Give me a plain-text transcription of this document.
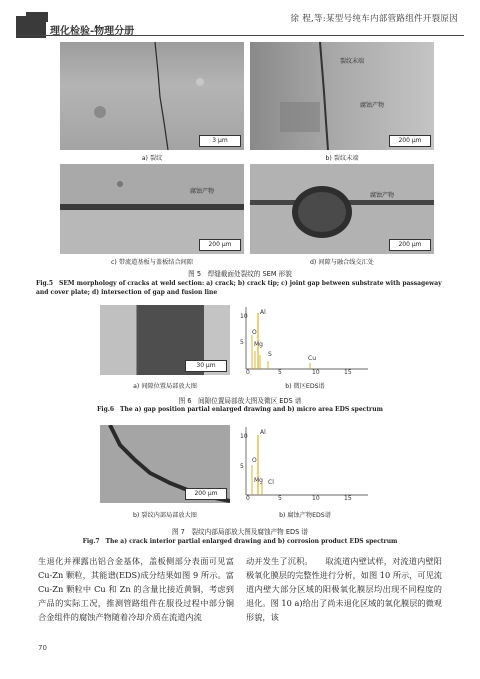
理化检验-物理分册
徐 程,等:某型号纯车内部管路组件开裂原因
3 μm
a) 裂纹
裂纹末端
腐蚀产物
200 μm
b) 裂纹末端
腐蚀产物
200 μm
c) 带流道基板与盖板结合间隙
腐蚀产物
200 μm
d) 间隙与融合线交汇处
图 5　焊缝截面处裂纹的 SEM 形貌
Fig.5　SEM morphology of cracks at weld section: a) crack; b) crack tip; c) joint gap between substrate with passageway and cover plate; d) intersection of gap and fusion line
30 μm
a) 间隙位置局部放大图
10
5
Al
O
Mg
S
Cu
0	5	10	15
b) 微区EDS谱
图 6　间隙位置局部放大图及微区 EDS 谱
Fig.6　The a) gap position partial enlarged drawing and b) micro area EDS spectrum
200 μm
b) 裂纹内部局部放大图
10
5
Al
O
Mg Cl
0	5	10	15
b) 腐蚀产物EDS谱
图 7　裂纹内部局部放大图及腐蚀产物 EDS 谱
Fig.7　The a) crack interior partial enlarged drawing and b) corrosion product EDS spectrum
生退化并裸露出铝合金基体，盖板侧部分表面可见富 Cu-Zn 颗粒，其能谱(EDS)成分结果如图 9 所示。富 Cu-Zn 颗粒中 Cu 和 Zn 的含量比接近黄铜，考虑到产品的实际工况，推测管路组件在服役过程中部分铜合金组件的腐蚀产物随着冷却介质在流道内流
动并发生了沉积。　　取流道内壁试样，对流道内壁阳极氧化膜层的完整性进行分析，如图 10 所示，可见流道内壁大部分区域的阳极氧化膜层均出现不同程度的退化。图 10 a)给出了尚未退化区域的氧化膜层的微观形貌，该
70
